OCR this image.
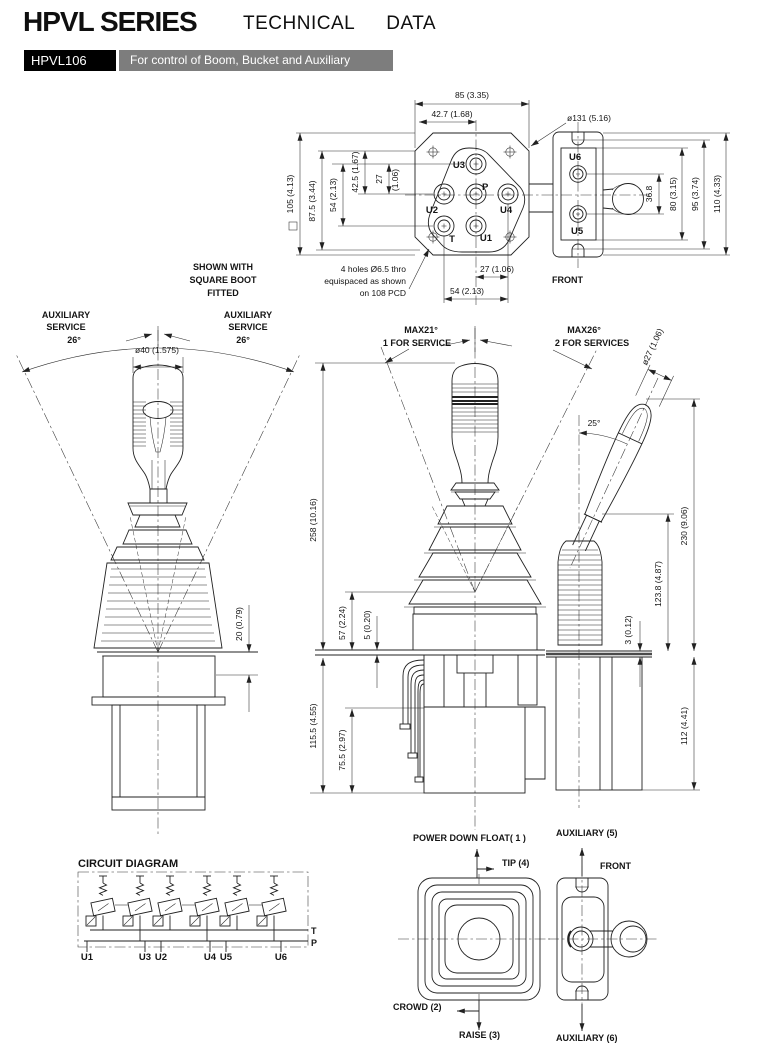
HPVL SERIES TECHNICAL DATA
HPVL106	For control of Boom, Bucket and Auxiliary
U3
P
U2	U4
T	U1
85 (3.35)
42.7 (1.68)
105 (4.13) 87.5 (3.44) 54 (2.13)
42.5 (1.67) 27 (1.06)
27 (1.06)
54 (2.13)
4 holes Ø6.5 thro
equispaced as shown
on 108 PCD
ø131 (5.16)
U6
U5
36.8 80 (3.15) 95 (3.74) 110 (4.33)
FRONT
SHOWN WITH
SQUARE BOOT
FITTED
AUXILIARY
SERVICE
26°
AUXILIARY
SERVICE
26°
ø40 (1.575)
20 (0.79)
MAX21°
1 FOR SERVICE
MAX26°
2 FOR SERVICES
258 (10.16)
57 (2.24) 5 (0.20)
115.5 (4.55)
75.5 (2.97)
ø27 (1.06)
25°
230 (9.06)
123.8 (4.87)
3 (0.12)
112 (4.41)
CIRCUIT DIAGRAM
T
P
U1	U3 U2	U4 U5	U6
POWER DOWN FLOAT( 1 )
TIP (4)
AUXILIARY (5)
FRONT
CROWD (2)
RAISE (3)	AUXILIARY (6)
